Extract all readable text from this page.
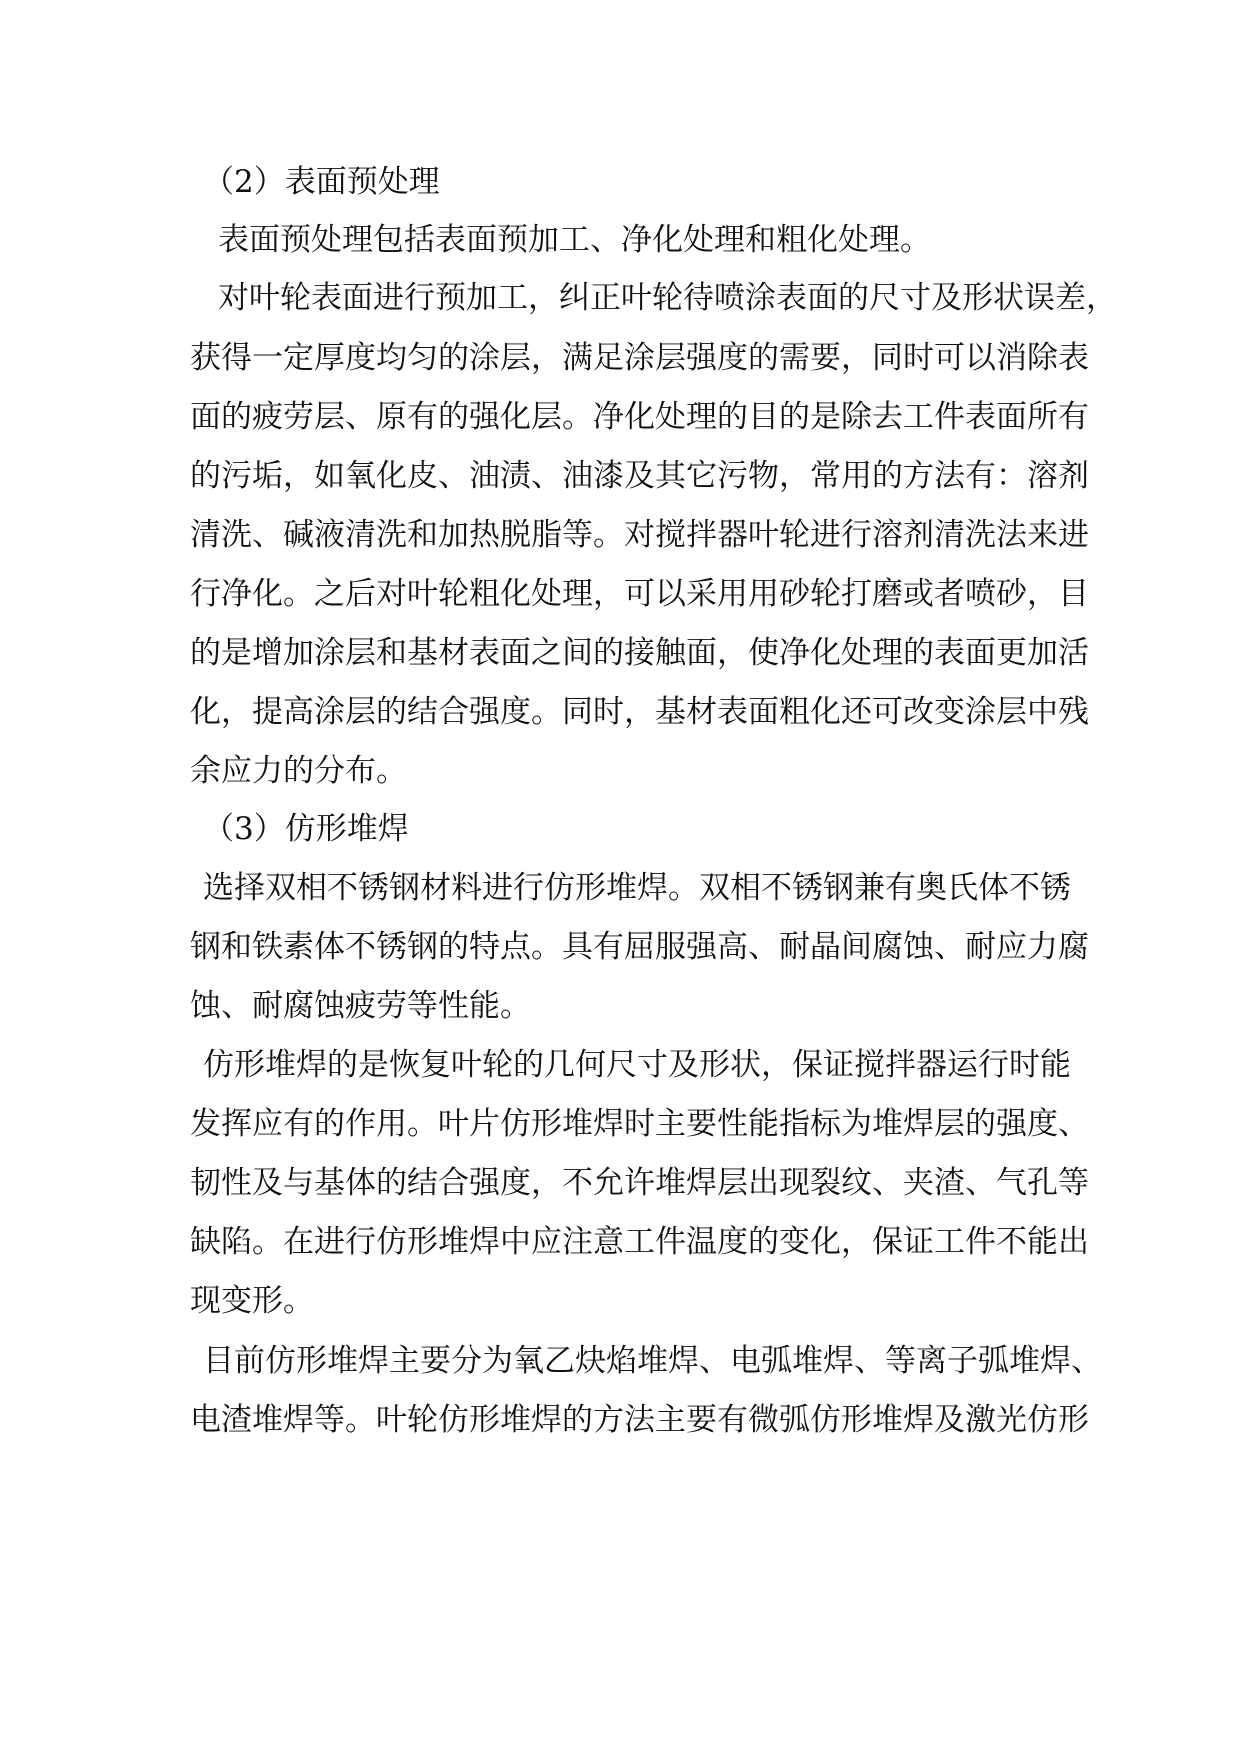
（2）表面预处理
表面预处理包括表面预加工、净化处理和粗化处理。
对叶轮表面进行预加工，纠正叶轮待喷涂表面的尺寸及形状误差，
获得一定厚度均匀的涂层，满足涂层强度的需要，同时可以消除表
面的疲劳层、原有的强化层。净化处理的目的是除去工件表面所有
的污垢，如氧化皮、油渍、油漆及其它污物，常用的方法有：溶剂
清洗、碱液清洗和加热脱脂等。对搅拌器叶轮进行溶剂清洗法来进
行净化。之后对叶轮粗化处理，可以采用用砂轮打磨或者喷砂，目
的是增加涂层和基材表面之间的接触面，使净化处理的表面更加活
化，提高涂层的结合强度。同时，基材表面粗化还可改变涂层中残
余应力的分布。
（3）仿形堆焊
选择双相不锈钢材料进行仿形堆焊。双相不锈钢兼有奥氏体不锈
钢和铁素体不锈钢的特点。具有屈服强高、耐晶间腐蚀、耐应力腐
蚀、耐腐蚀疲劳等性能。
仿形堆焊的是恢复叶轮的几何尺寸及形状，保证搅拌器运行时能
发挥应有的作用。叶片仿形堆焊时主要性能指标为堆焊层的强度、
韧性及与基体的结合强度，不允许堆焊层出现裂纹、夹渣、气孔等
缺陷。在进行仿形堆焊中应注意工件温度的变化，保证工件不能出
现变形。
目前仿形堆焊主要分为氧乙炔焰堆焊、电弧堆焊、等离子弧堆焊、
电渣堆焊等。叶轮仿形堆焊的方法主要有微弧仿形堆焊及激光仿形
